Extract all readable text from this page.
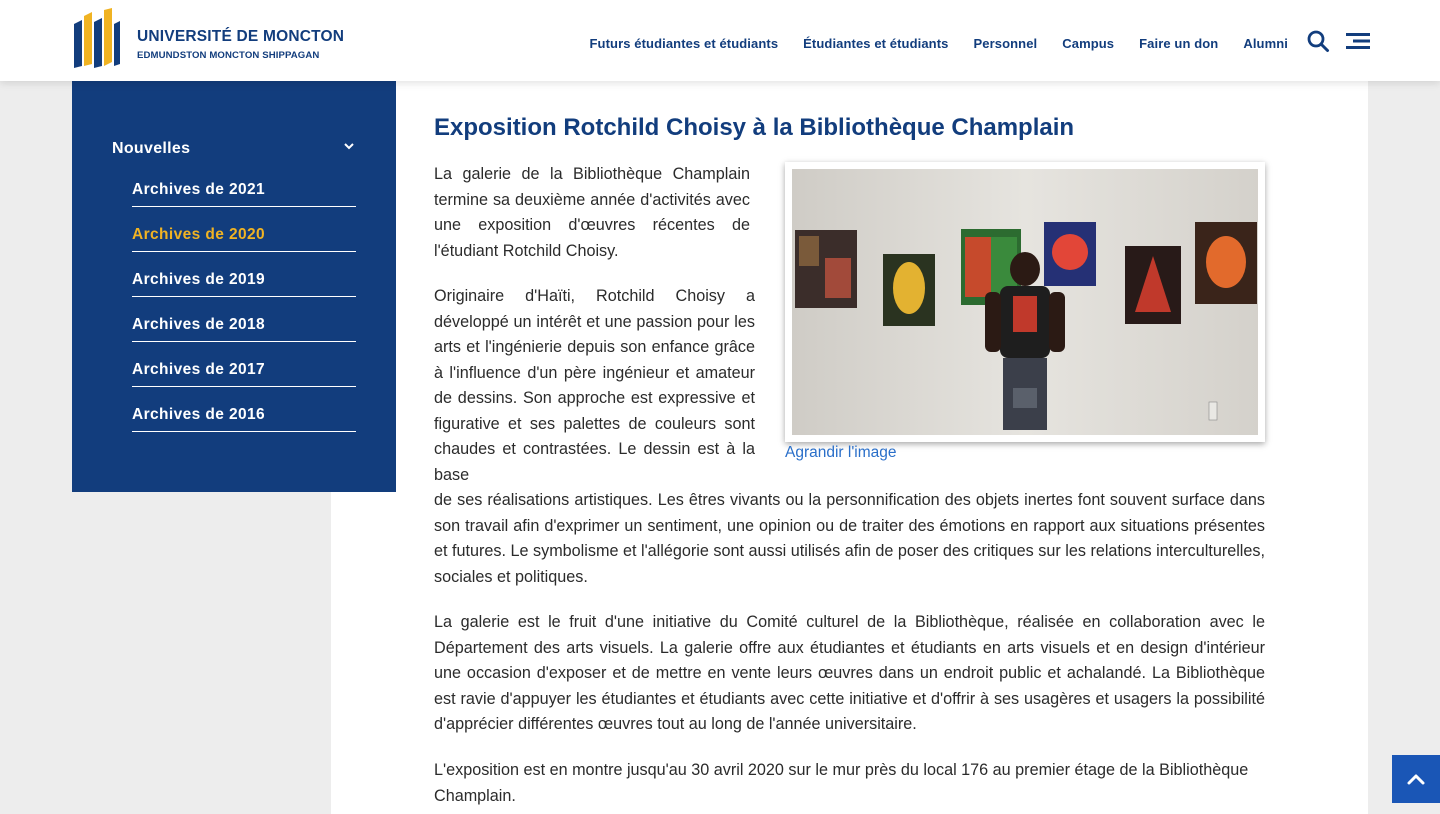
UNIVERSITÉ DE MONCTON
EDMUNDSTON MONCTON SHIPPAGAN
Futurs étudiantes et étudiants Étudiantes et étudiants Personnel Campus Faire un don Alumni
Nouvelles
Archives de 2021
Archives de 2020
Archives de 2019
Archives de 2018
Archives de 2017
Archives de 2016
Exposition Rotchild Choisy à la Bibliothèque Champlain

La galerie de la Bibliothèque Champlain termine sa deuxième année d'activités avec une exposition d'œuvres récentes de l'étudiant Rotchild Choisy.

Originaire d'Haïti, Rotchild Choisy a développé un intérêt et une passion pour les arts et l'ingénierie depuis son enfance grâce à l'influence d'un père ingénieur et amateur de dessins. Son approche est expressive et figurative et ses palettes de couleurs sont chaudes et contrastées. Le dessin est à la base

de ses réalisations artistiques. Les êtres vivants ou la personnification des objets inertes font souvent surface dans son travail afin d'exprimer un sentiment, une opinion ou de traiter des émotions en rapport aux situations présentes et futures. Le symbolisme et l'allégorie sont aussi utilisés afin de poser des critiques sur les relations interculturelles, sociales et politiques.

Agrandir l'image

La galerie est le fruit d'une initiative du Comité culturel de la Bibliothèque, réalisée en collaboration avec le Département des arts visuels. La galerie offre aux étudiantes et étudiants en arts visuels et en design d'intérieur une occasion d'exposer et de mettre en vente leurs œuvres dans un endroit public et achalandé. La Bibliothèque est ravie d'appuyer les étudiantes et étudiants avec cette initiative et d'offrir à ses usagères et usagers la possibilité d'apprécier différentes œuvres tout au long de l'année universitaire.

L'exposition est en montre jusqu'au 30 avril 2020 sur le mur près du local 176 au premier étage de la Bibliothèque Champlain.
